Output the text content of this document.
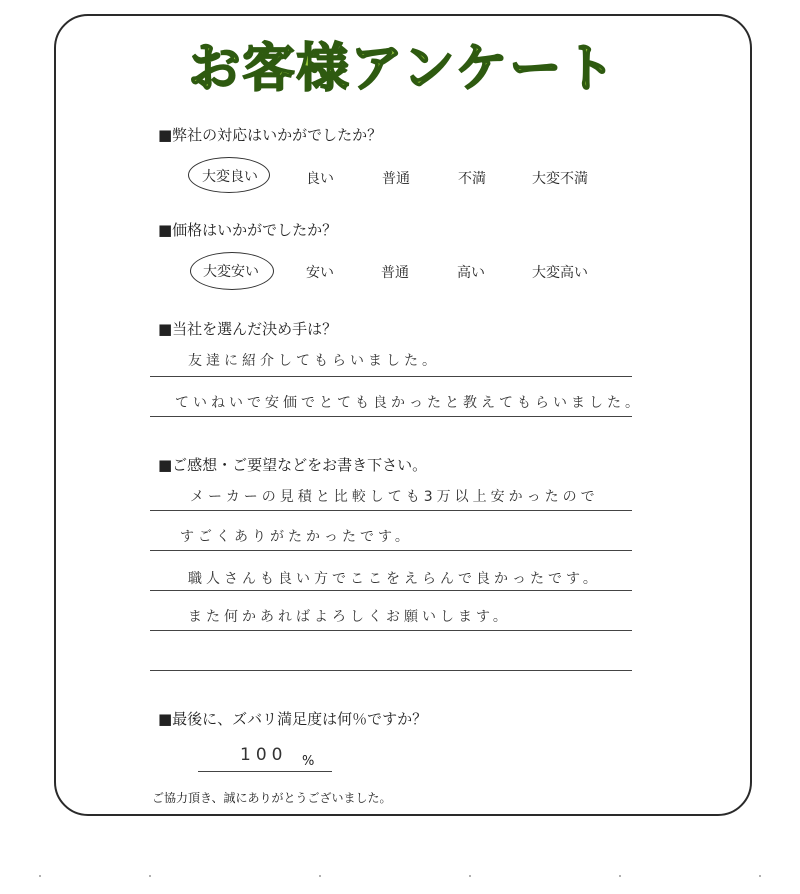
お客様アンケート
■弊社の対応はいかがでしたか？
大変良い	良い	普通	不満	大変不満
■価格はいかがでしたか？
大変安い	安い	普通	高い	大変高い
■当社を選んだ決め手は？
友達に紹介してもらいました。
ていねいで安価でとても良かったと教えてもらいました。
■ご感想・ご要望などをお書き下さい。
メーカーの見積と比較しても3万以上安かったので
すごくありがたかったです。
職人さんも良い方でここをえらんで良かったです。
また何かあればよろしくお願いします。
■最後に、ズバリ満足度は何％ですか？
100 %
ご協力頂き、誠にありがとうございました。
